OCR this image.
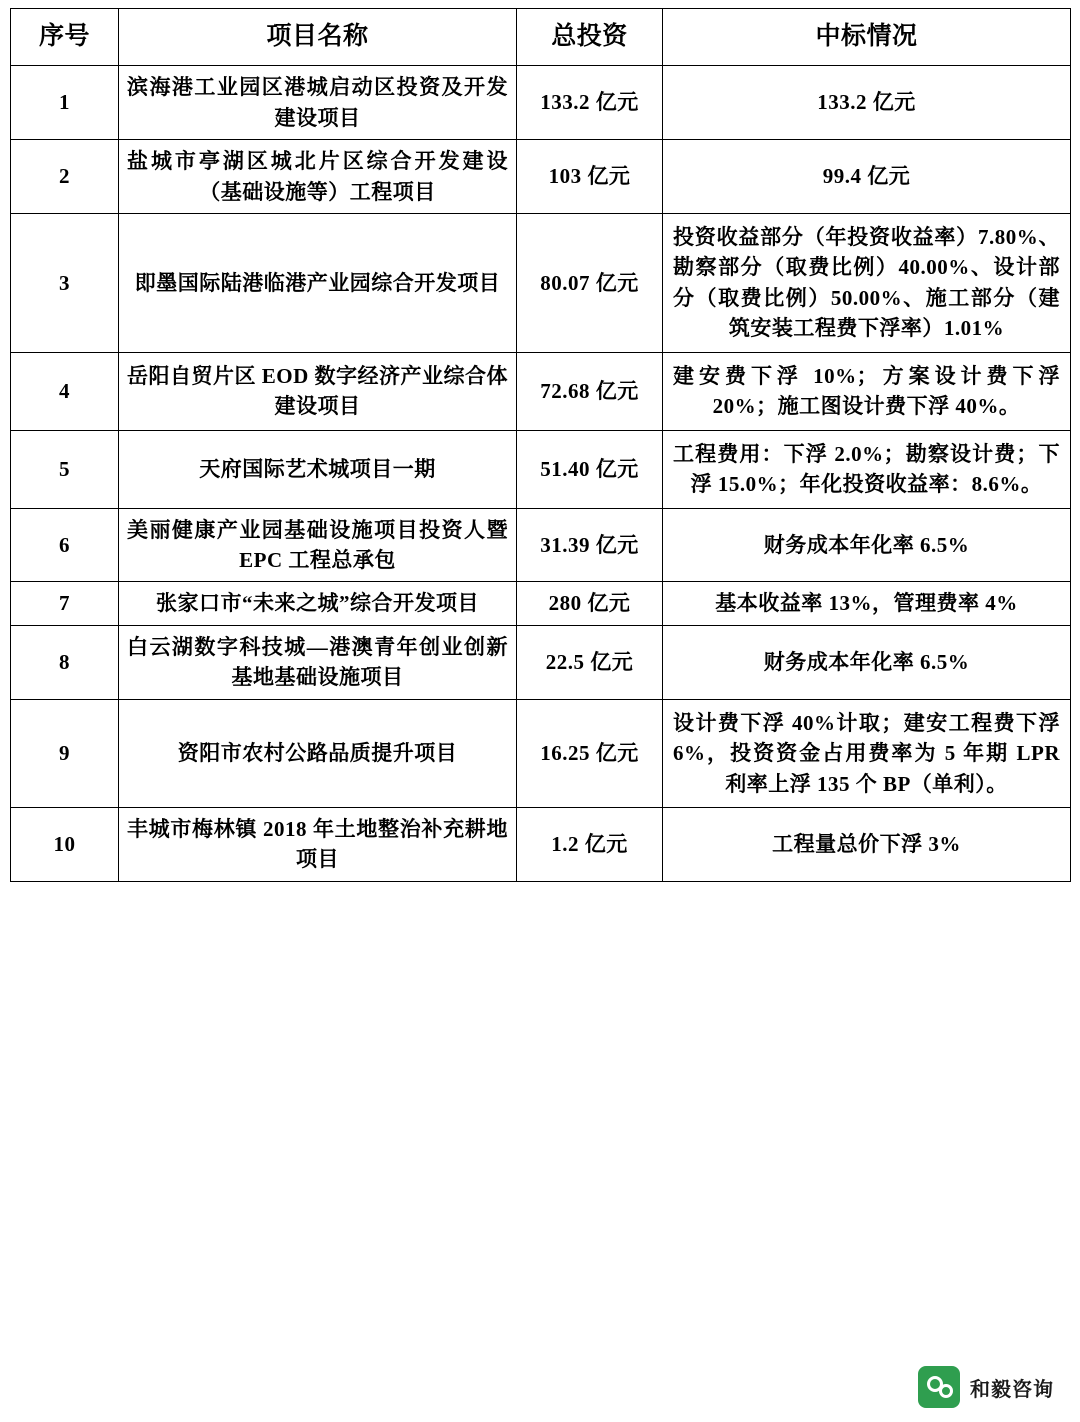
序号	项目名称	总投资	中标情况
1	滨海港工业园区港城启动区投资及开发建设项目	133.2 亿元	133.2 亿元
2	盐城市亭湖区城北片区综合开发建设（基础设施等）工程项目	103 亿元	99.4 亿元
3	即墨国际陆港临港产业园综合开发项目	80.07 亿元	投资收益部分（年投资收益率）7.80%、勘察部分（取费比例）40.00%、设计部分（取费比例）50.00%、施工部分（建筑安装工程费下浮率）1.01%
4	岳阳自贸片区 EOD 数字经济产业综合体建设项目	72.68 亿元	建安费下浮 10%；方案设计费下浮 20%；施工图设计费下浮 40%。
5	天府国际艺术城项目一期	51.40 亿元	工程费用：下浮 2.0%；勘察设计费；下浮 15.0%；年化投资收益率：8.6%。
6	美丽健康产业园基础设施项目投资人暨 EPC 工程总承包	31.39 亿元	财务成本年化率 6.5%
7	张家口市“未来之城”综合开发项目	280 亿元	基本收益率 13%，管理费率 4%
8	白云湖数字科技城—港澳青年创业创新基地基础设施项目	22.5 亿元	财务成本年化率 6.5%
9	资阳市农村公路品质提升项目	16.25 亿元	设计费下浮 40%计取；建安工程费下浮 6%，投资资金占用费率为 5 年期 LPR 利率上浮 135 个 BP（单利）。
10	丰城市梅林镇 2018 年土地整治补充耕地项目	1.2 亿元	工程量总价下浮 3%
和毅咨询
